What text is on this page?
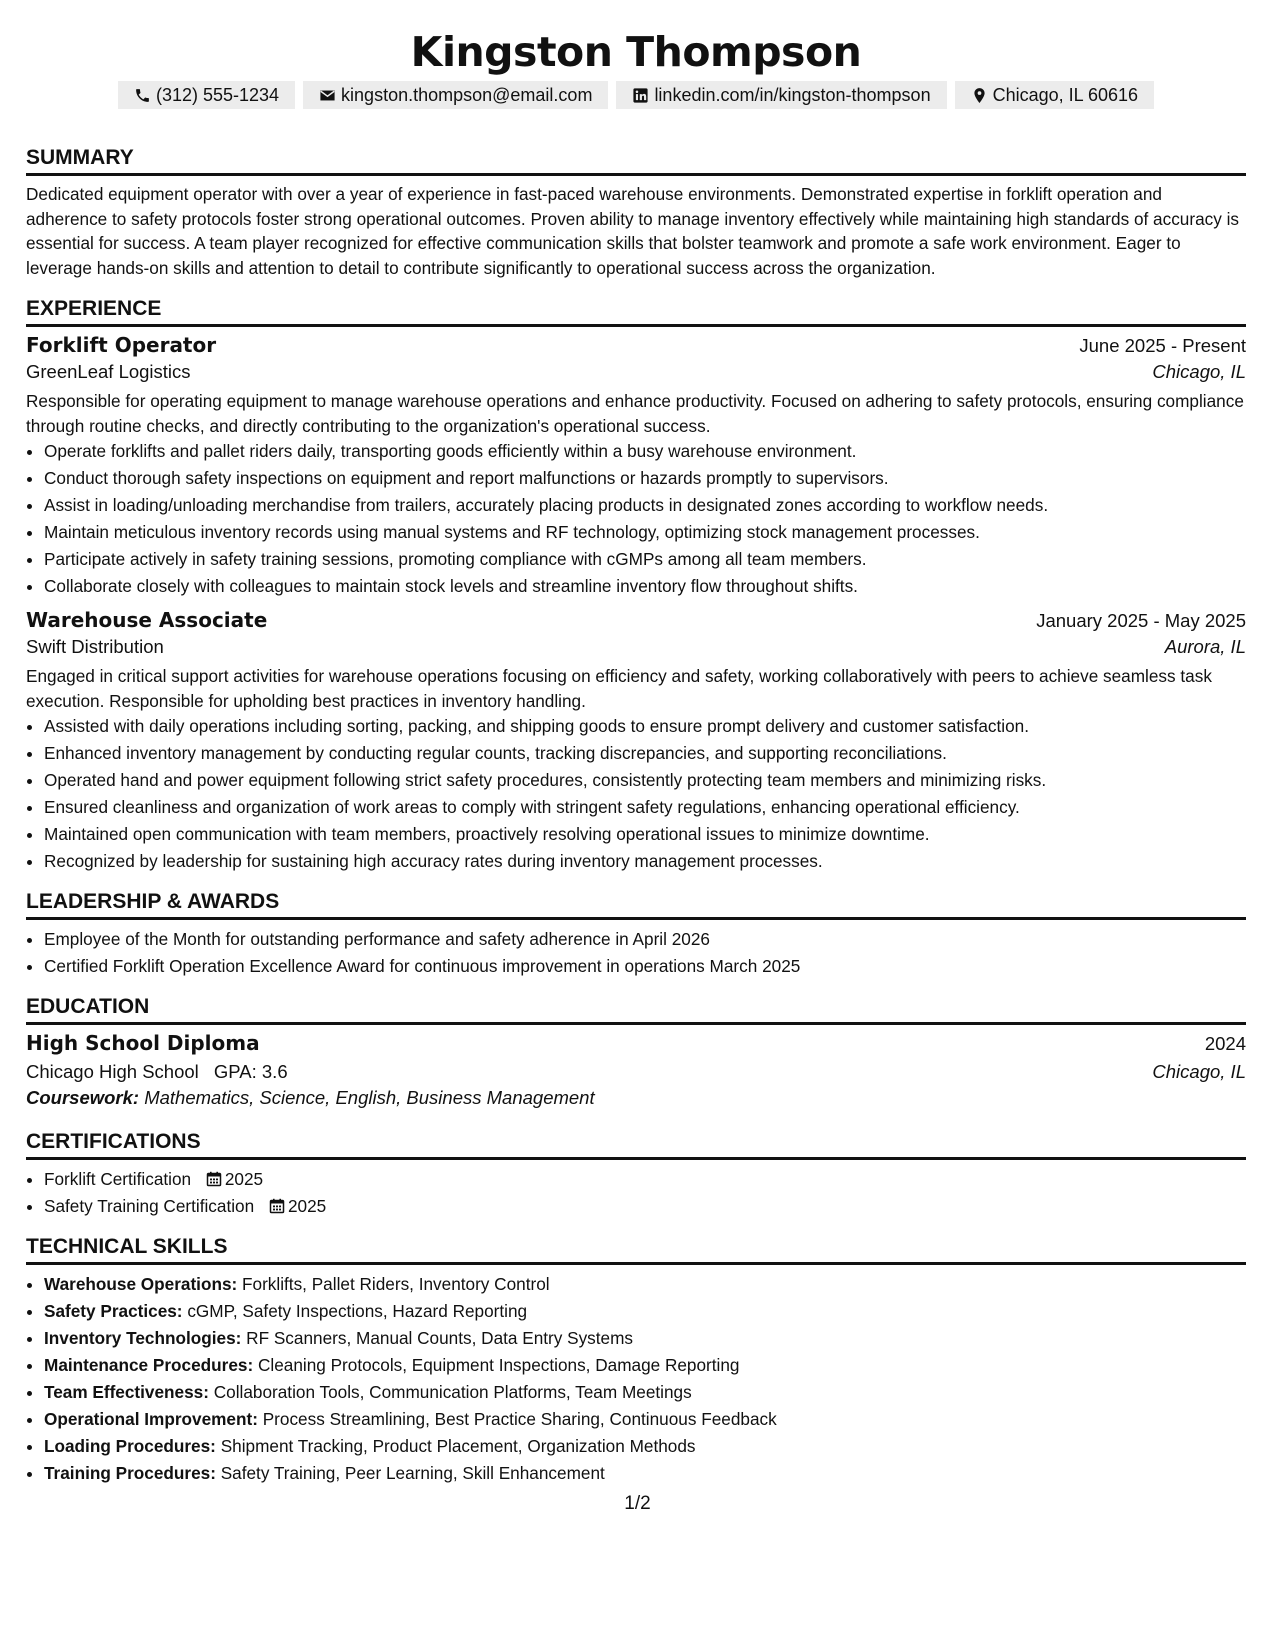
Kingston Thompson
(312) 555-1234	kingston.thompson@email.com	linkedin.com/in/kingston-thompson	Chicago, IL 60616
SUMMARY
Dedicated equipment operator with over a year of experience in fast-paced warehouse environments. Demonstrated expertise in forklift operation and adherence to safety protocols foster strong operational outcomes. Proven ability to manage inventory effectively while maintaining high standards of accuracy is essential for success. A team player recognized for effective communication skills that bolster teamwork and promote a safe work environment. Eager to leverage hands-on skills and attention to detail to contribute significantly to operational success across the organization.
EXPERIENCE
Forklift Operator	June 2025 - Present
GreenLeaf Logistics	Chicago, IL
Responsible for operating equipment to manage warehouse operations and enhance productivity. Focused on adhering to safety protocols, ensuring compliance through routine checks, and directly contributing to the organization's operational success.
• Operate forklifts and pallet riders daily, transporting goods efficiently within a busy warehouse environment.
• Conduct thorough safety inspections on equipment and report malfunctions or hazards promptly to supervisors.
• Assist in loading/unloading merchandise from trailers, accurately placing products in designated zones according to workflow needs.
• Maintain meticulous inventory records using manual systems and RF technology, optimizing stock management processes.
• Participate actively in safety training sessions, promoting compliance with cGMPs among all team members.
• Collaborate closely with colleagues to maintain stock levels and streamline inventory flow throughout shifts.
Warehouse Associate	January 2025 - May 2025
Swift Distribution	Aurora, IL
Engaged in critical support activities for warehouse operations focusing on efficiency and safety, working collaboratively with peers to achieve seamless task execution. Responsible for upholding best practices in inventory handling.
• Assisted with daily operations including sorting, packing, and shipping goods to ensure prompt delivery and customer satisfaction.
• Enhanced inventory management by conducting regular counts, tracking discrepancies, and supporting reconciliations.
• Operated hand and power equipment following strict safety procedures, consistently protecting team members and minimizing risks.
• Ensured cleanliness and organization of work areas to comply with stringent safety regulations, enhancing operational efficiency.
• Maintained open communication with team members, proactively resolving operational issues to minimize downtime.
• Recognized by leadership for sustaining high accuracy rates during inventory management processes.
LEADERSHIP & AWARDS
• Employee of the Month for outstanding performance and safety adherence in April 2026
• Certified Forklift Operation Excellence Award for continuous improvement in operations March 2025
EDUCATION
High School Diploma	2024
Chicago High School GPA: 3.6	Chicago, IL
Coursework: Mathematics, Science, English, Business Management
CERTIFICATIONS
• Forklift Certification 2025
• Safety Training Certification 2025
TECHNICAL SKILLS
• Warehouse Operations: Forklifts, Pallet Riders, Inventory Control
• Safety Practices: cGMP, Safety Inspections, Hazard Reporting
• Inventory Technologies: RF Scanners, Manual Counts, Data Entry Systems
• Maintenance Procedures: Cleaning Protocols, Equipment Inspections, Damage Reporting
• Team Effectiveness: Collaboration Tools, Communication Platforms, Team Meetings
• Operational Improvement: Process Streamlining, Best Practice Sharing, Continuous Feedback
• Loading Procedures: Shipment Tracking, Product Placement, Organization Methods
• Training Procedures: Safety Training, Peer Learning, Skill Enhancement
1/2
